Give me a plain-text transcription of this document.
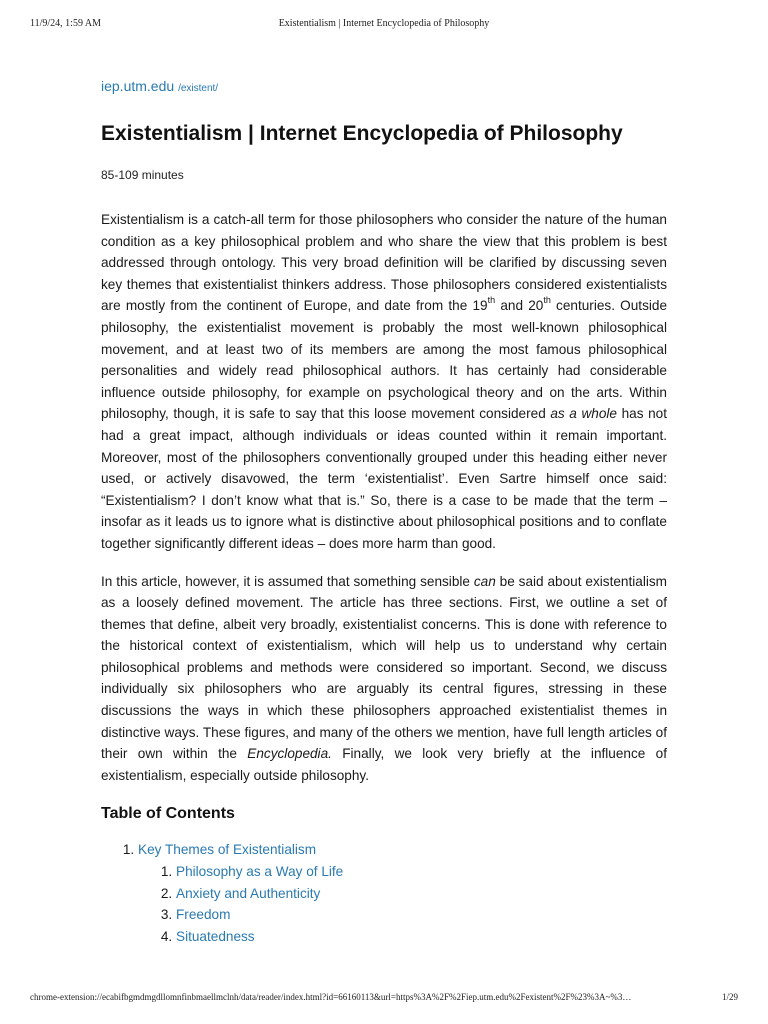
11/9/24, 1:59 AM	Existentialism | Internet Encyclopedia of Philosophy
iep.utm.edu /existent/
Existentialism | Internet Encyclopedia of Philosophy
85-109 minutes

Existentialism is a catch-all term for those philosophers who consider the nature of the human condition as a key philosophical problem and who share the view that this problem is best addressed through ontology. This very broad definition will be clarified by discussing seven key themes that existentialist thinkers address. Those philosophers considered existentialists are mostly from the continent of Europe, and date from the 19th and 20th centuries. Outside philosophy, the existentialist movement is probably the most well-known philosophical movement, and at least two of its members are among the most famous philosophical personalities and widely read philosophical authors. It has certainly had considerable influence outside philosophy, for example on psychological theory and on the arts. Within philosophy, though, it is safe to say that this loose movement considered as a whole has not had a great impact, although individuals or ideas counted within it remain important. Moreover, most of the philosophers conventionally grouped under this heading either never used, or actively disavowed, the term ‘existentialist’. Even Sartre himself once said: “Existentialism? I don’t know what that is.” So, there is a case to be made that the term – insofar as it leads us to ignore what is distinctive about philosophical positions and to conflate together significantly different ideas – does more harm than good.

In this article, however, it is assumed that something sensible can be said about existentialism as a loosely defined movement. The article has three sections. First, we outline a set of themes that define, albeit very broadly, existentialist concerns. This is done with reference to the historical context of existentialism, which will help us to understand why certain philosophical problems and methods were considered so important. Second, we discuss individually six philosophers who are arguably its central figures, stressing in these discussions the ways in which these philosophers approached existentialist themes in distinctive ways. These figures, and many of the others we mention, have full length articles of their own within the Encyclopedia. Finally, we look very briefly at the influence of existentialism, especially outside philosophy.

Table of Contents
1. Key Themes of Existentialism
1. Philosophy as a Way of Life
2. Anxiety and Authenticity
3. Freedom
4. Situatedness
chrome-extension://ecabifbgmdmgdllomnfinbmaellmclnh/data/reader/index.html?id=66160113&url=https%3A%2F%2Fiep.utm.edu%2Fexistent%2F%23%3A~%3…	1/29
